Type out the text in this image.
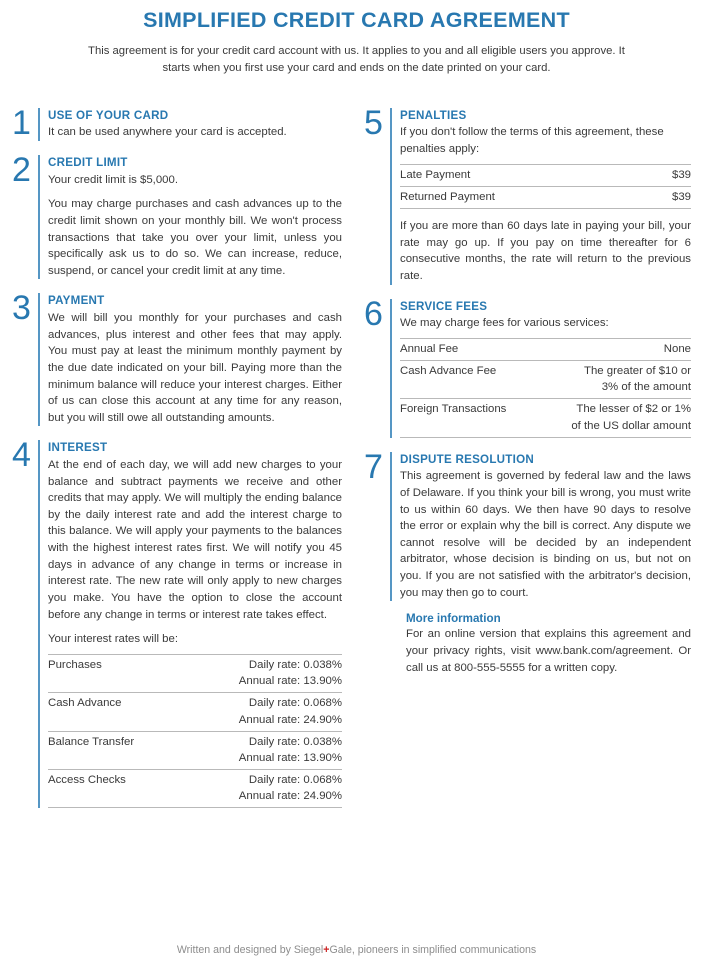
SIMPLIFIED CREDIT CARD AGREEMENT

This agreement is for your credit card account with us. It applies to you and all eligible users you approve. It starts when you first use your card and ends on the date printed on your card.

1	USE OF YOUR CARD

It can be used anywhere your card is accepted.

2	CREDIT LIMIT

Your credit limit is $5,000.

You may charge purchases and cash advances up to the credit limit shown on your monthly bill. We won't process transactions that take you over your limit, unless you specifically ask us to do so. We can increase, reduce, suspend, or cancel your credit limit at any time.

3	PAYMENT

We will bill you monthly for your purchases and cash advances, plus interest and other fees that may apply. You must pay at least the minimum monthly payment by the due date indicated on your bill. Paying more than the minimum balance will reduce your interest charges. Either of us can close this account at any time for any reason, but you will still owe all outstanding amounts.

4	INTEREST

At the end of each day, we will add new charges to your balance and subtract payments we receive and other credits that may apply. We will multiply the ending balance by the daily interest rate and add the interest charge to this balance. We will apply your payments to the balances with the highest interest rates first. We will notify you 45 days in advance of any change in terms or increase in interest rate. The new rate will only apply to new charges you make. You have the option to close the account before any change in terms or interest rate takes effect.

Your interest rates will be:

Purchases	Daily rate: 0.038%
Annual rate: 13.90%

Cash Advance	Daily rate: 0.068%
Annual rate: 24.90%

Balance Transfer	Daily rate: 0.038%
Annual rate: 13.90%

Access Checks	Daily rate: 0.068%
Annual rate: 24.90%
5	PENALTIES

If you don't follow the terms of this agreement, these penalties apply:

Late Payment	$39

Returned Payment	$39

If you are more than 60 days late in paying your bill, your rate may go up. If you pay on time thereafter for 6 consecutive months, the rate will return to the previous rate.

6	SERVICE FEES

We may charge fees for various services:

Annual Fee	None

Cash Advance Fee	The greater of $10 or
3% of the amount

Foreign Transactions	The lesser of $2 or 1%
of the US dollar amount
7	DISPUTE RESOLUTION

This agreement is governed by federal law and the laws of Delaware. If you think your bill is wrong, you must write to us within 60 days. We then have 90 days to resolve the error or explain why the bill is correct. Any dispute we cannot resolve will be decided by an independent arbitrator, whose decision is binding on us, but not on you. If you are not satisfied with the arbitrator's decision, you may then go to court.

More information

For an online version that explains this agreement and your privacy rights, visit www.bank.com/agreement. Or call us at 800-555-5555 for a written copy.

Written and designed by Siegel+Gale, pioneers in simplified communications
